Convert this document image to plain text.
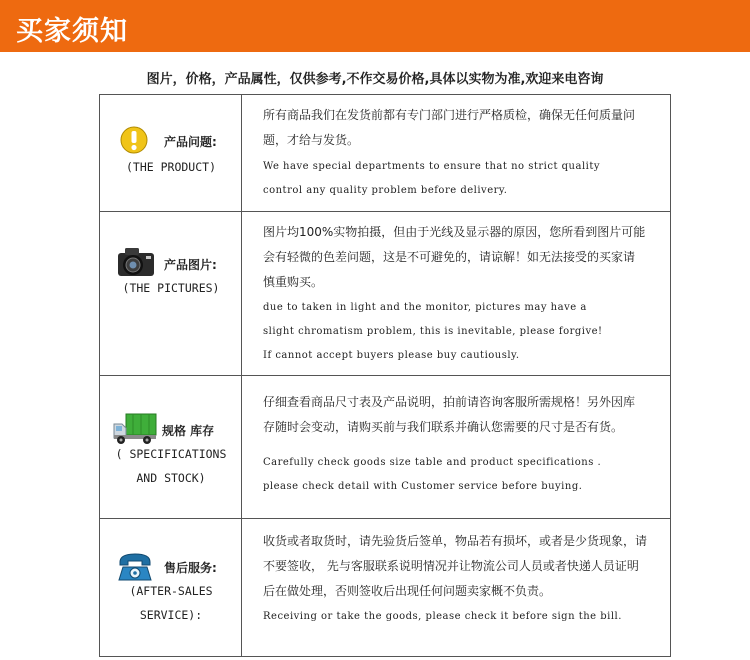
买家须知
图片，价格，产品属性，仅供参考,不作交易价格,具体以实物为准,欢迎来电咨询
产品问题:
(THE PRODUCT)
所有商品我们在发货前都有专门部门进行严格质检，确保无任何质量问
题，才给与发货。
We have special departments to ensure that no strict quality
control any quality problem before delivery.
产品图片:
(THE PICTURES)
图片均100%实物拍摄，但由于光线及显示器的原因，您所看到图片可能
会有轻微的色差问题，这是不可避免的，请谅解！如无法接受的买家请
慎重购买。
due to taken in light and the monitor, pictures may have a
slight chromatism problem, this is inevitable, please forgive!
If cannot accept buyers please buy cautiously.
规格 库存
( SPECIFICATIONS
AND STOCK)
仔细查看商品尺寸表及产品说明，拍前请咨询客服所需规格！另外因库
存随时会变动，请购买前与我们联系并确认您需要的尺寸是否有货。
Carefully check goods size table and product specifications .
please check detail with Customer service before buying.
售后服务:
(AFTER-SALES
SERVICE):
收货或者取货时，请先验货后签单，物品若有损坏，或者是少货现象，请
不要签收， 先与客服联系说明情况并让物流公司人员或者快递人员证明
后在做处理，否则签收后出现任何问题卖家概不负责。
Receiving or take the goods, please check it before sign the bill.
